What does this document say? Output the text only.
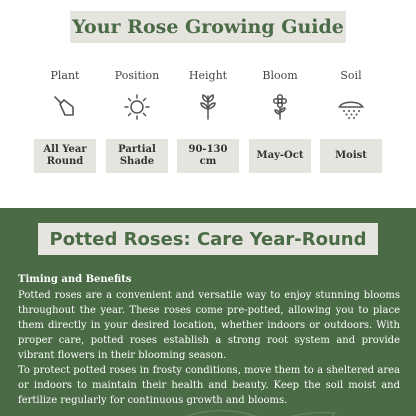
Your Rose Growing Guide
Plant
All Year Round
Position
Partial Shade
Height
90-130 cm
Bloom
May-Oct
Soil
Moist
Potted Roses: Care Year-Round
Timing and Benefits

Potted roses are a convenient and versatile way to enjoy stunning blooms throughout the year. These roses come pre-potted, allowing you to place them directly in your desired location, whether indoors or outdoors. With proper care, potted roses establish a strong root system and provide vibrant flowers in their blooming season.

To protect potted roses in frosty conditions, move them to a sheltered area or indoors to maintain their health and beauty. Keep the soil moist and fertilize regularly for continuous growth and blooms.
